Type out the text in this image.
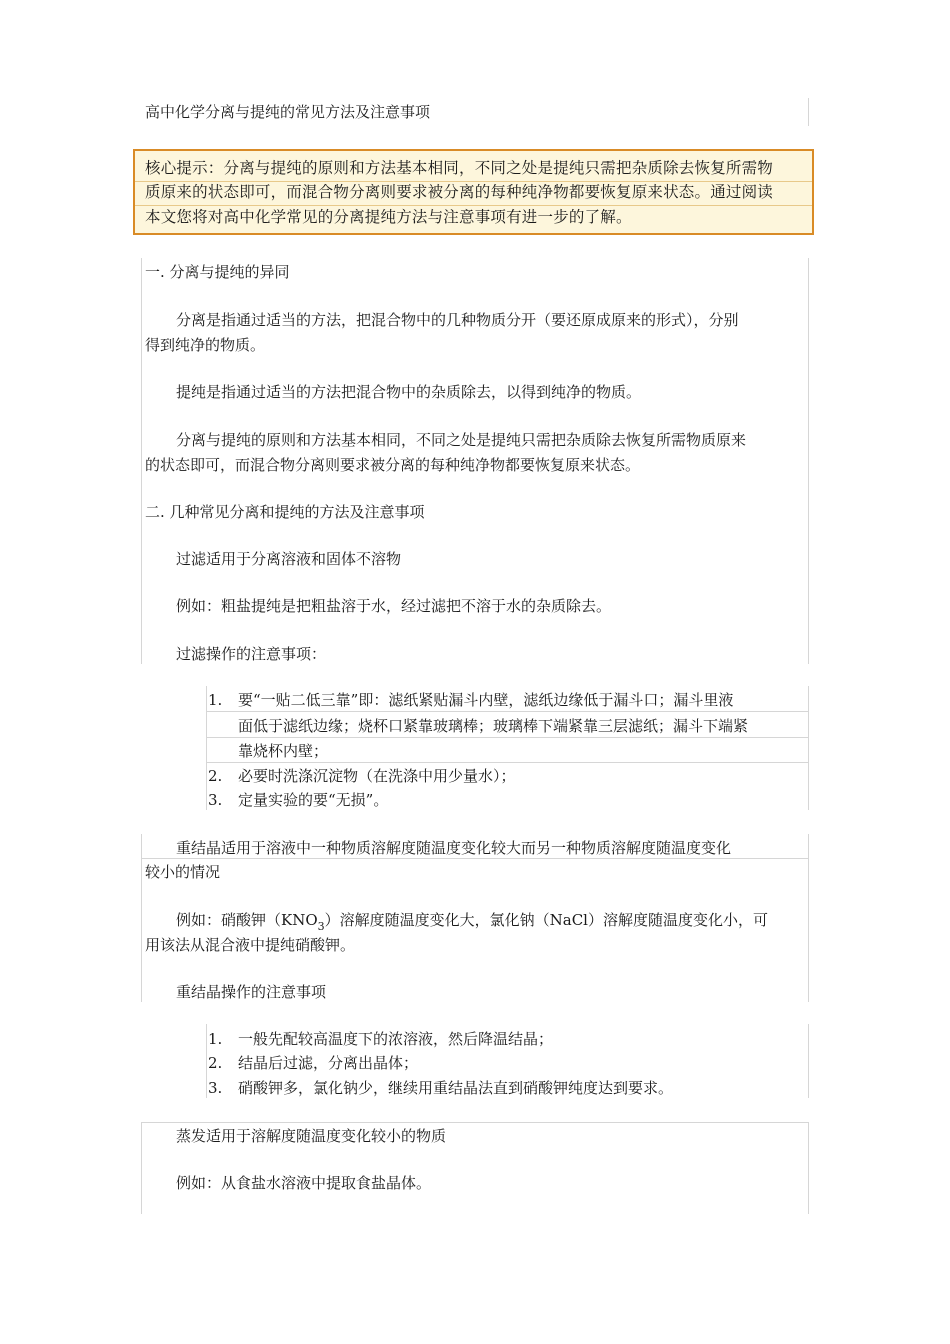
高中化学分离与提纯的常见方法及注意事项
核心提示：分离与提纯的原则和方法基本相同，不同之处是提纯只需把杂质除去恢复所需物
质原来的状态即可，而混合物分离则要求被分离的每种纯净物都要恢复原来状态。通过阅读
本文您将对高中化学常见的分离提纯方法与注意事项有进一步的了解。
一. 分离与提纯的异同
分离是指通过适当的方法，把混合物中的几种物质分开（要还原成原来的形式），分别
得到纯净的物质。
提纯是指通过适当的方法把混合物中的杂质除去，以得到纯净的物质。
分离与提纯的原则和方法基本相同，不同之处是提纯只需把杂质除去恢复所需物质原来
的状态即可，而混合物分离则要求被分离的每种纯净物都要恢复原来状态。
二. 几种常见分离和提纯的方法及注意事项
过滤适用于分离溶液和固体不溶物
例如：粗盐提纯是把粗盐溶于水，经过滤把不溶于水的杂质除去。
过滤操作的注意事项：
1. 要“一贴二低三靠”即：滤纸紧贴漏斗内壁，滤纸边缘低于漏斗口；漏斗里液
面低于滤纸边缘；烧杯口紧靠玻璃棒；玻璃棒下端紧靠三层滤纸；漏斗下端紧
靠烧杯内壁；
2. 必要时洗涤沉淀物（在洗涤中用少量水）；
3. 定量实验的要“无损”。
重结晶适用于溶液中一种物质溶解度随温度变化较大而另一种物质溶解度随温度变化
较小的情况
例如：硝酸钾$(KNO_3)$溶解度随温度变化大，氯化钠（NaCl）溶解度随温度变化小，可
用该法从混合液中提纯硝酸钾。
重结晶操作的注意事项
1. 一般先配较高温度下的浓溶液，然后降温结晶；
2. 结晶后过滤，分离出晶体；
3. 硝酸钾多，氯化钠少，继续用重结晶法直到硝酸钾纯度达到要求。
蒸发适用于溶解度随温度变化较小的物质
例如：从食盐水溶液中提取食盐晶体。
